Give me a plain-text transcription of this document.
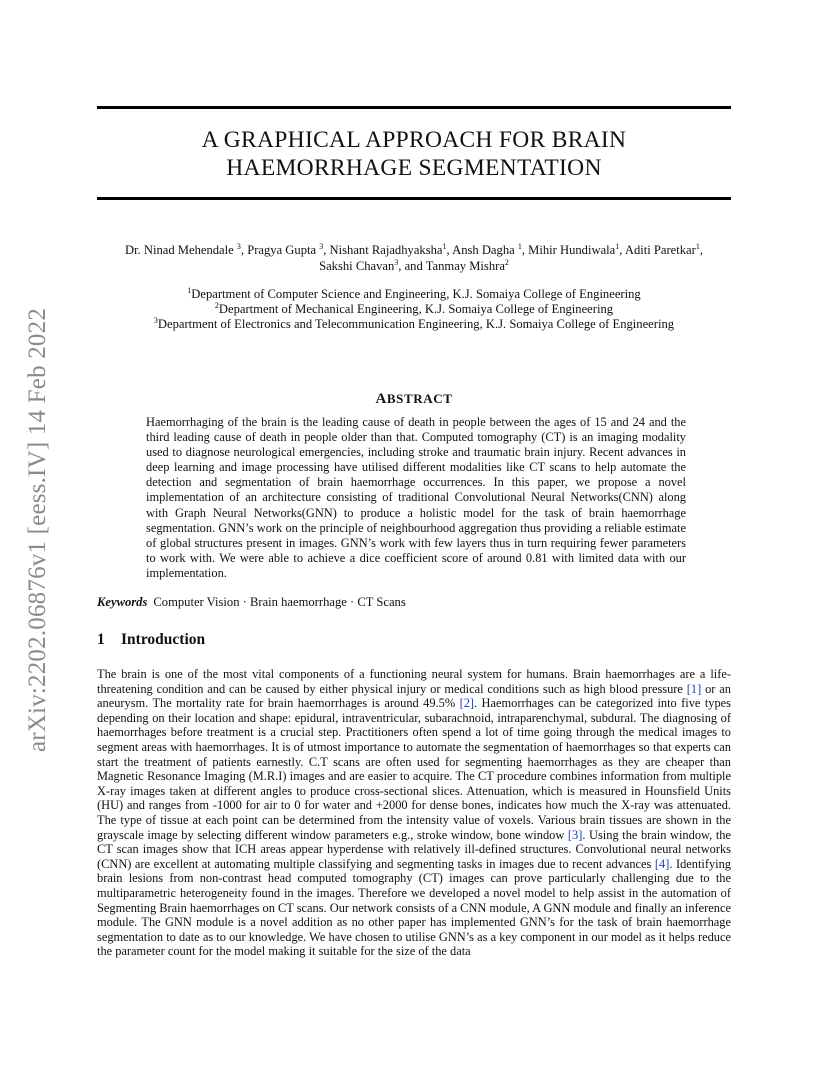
arXiv:2202.06876v1 [eess.IV] 14 Feb 2022
A GRAPHICAL APPROACH FOR BRAIN
HAEMORRHAGE SEGMENTATION
Dr. Ninad Mehendale $^3$, Pragya Gupta $^3$, Nishant Rajadhyaksha$^1$, Ansh Dagha $^1$, Mihir Hundiwala$^1$, Aditi Paretkar$^1$,
Sakshi Chavan$^3$, and Tanmay Mishra$^2$
$^1$Department of Computer Science and Engineering, K.J. Somaiya College of Engineering
$^2$Department of Mechanical Engineering, K.J. Somaiya College of Engineering
$^3$Department of Electronics and Telecommunication Engineering, K.J. Somaiya College of Engineering
ABSTRACT
Haemorrhaging of the brain is the leading cause of death in people between the ages of 15 and 24 and the third leading cause of death in people older than that. Computed tomography (CT) is an imaging modality used to diagnose neurological emergencies, including stroke and traumatic brain injury. Recent advances in deep learning and image processing have utilised different modalities like CT scans to help automate the detection and segmentation of brain haemorrhage occurrences. In this paper, we propose a novel implementation of an architecture consisting of traditional Convolutional Neural Networks(CNN) along with Graph Neural Networks(GNN) to produce a holistic model for the task of brain haemorrhage segmentation. GNN’s work on the principle of neighbourhood aggregation thus providing a reliable estimate of global structures present in images. GNN’s work with few layers thus in turn requiring fewer parameters to work with. We were able to achieve a dice coefficient score of around 0.81 with limited data with our implementation.
Keywords Computer Vision · Brain haemorrhage · CT Scans
1 Introduction
The brain is one of the most vital components of a functioning neural system for humans. Brain haemorrhages are a life-threatening condition and can be caused by either physical injury or medical conditions such as high blood pressure [1] or an aneurysm. The mortality rate for brain haemorrhages is around 49.5% [2]. Haemorrhages can be categorized into five types depending on their location and shape: epidural, intraventricular, subarachnoid, intraparenchymal, subdural. The diagnosing of haemorrhages before treatment is a crucial step. Practitioners often spend a lot of time going through the medical images to segment areas with haemorrhages. It is of utmost importance to automate the segmentation of haemorrhages so that experts can start the treatment of patients earnestly. C.T scans are often used for segmenting haemorrhages as they are cheaper than Magnetic Resonance Imaging (M.R.I) images and are easier to acquire. The CT procedure combines information from multiple X-ray images taken at different angles to produce cross-sectional slices. Attenuation, which is measured in Hounsfield Units (HU) and ranges from -1000 for air to 0 for water and +2000 for dense bones, indicates how much the X-ray was attenuated. The type of tissue at each point can be determined from the intensity value of voxels. Various brain tissues are shown in the grayscale image by selecting different window parameters e.g., stroke window, bone window [3]. Using the brain window, the CT scan images show that ICH areas appear hyperdense with relatively ill-defined structures. Convolutional neural networks (CNN) are excellent at automating multiple classifying and segmenting tasks in images due to recent advances [4]. Identifying brain lesions from non-contrast head computed tomography (CT) images can prove particularly challenging due to the multiparametric heterogeneity found in the images. Therefore we developed a novel model to help assist in the automation of Segmenting Brain haemorrhages on CT scans. Our network consists of a CNN module, A GNN module and finally an inference module. The GNN module is a novel addition as no other paper has implemented GNN’s for the task of brain haemorrhage segmentation to date as to our knowledge. We have chosen to utilise GNN’s as a key component in our model as it helps reduce the parameter count for the model making it suitable for the size of the data
